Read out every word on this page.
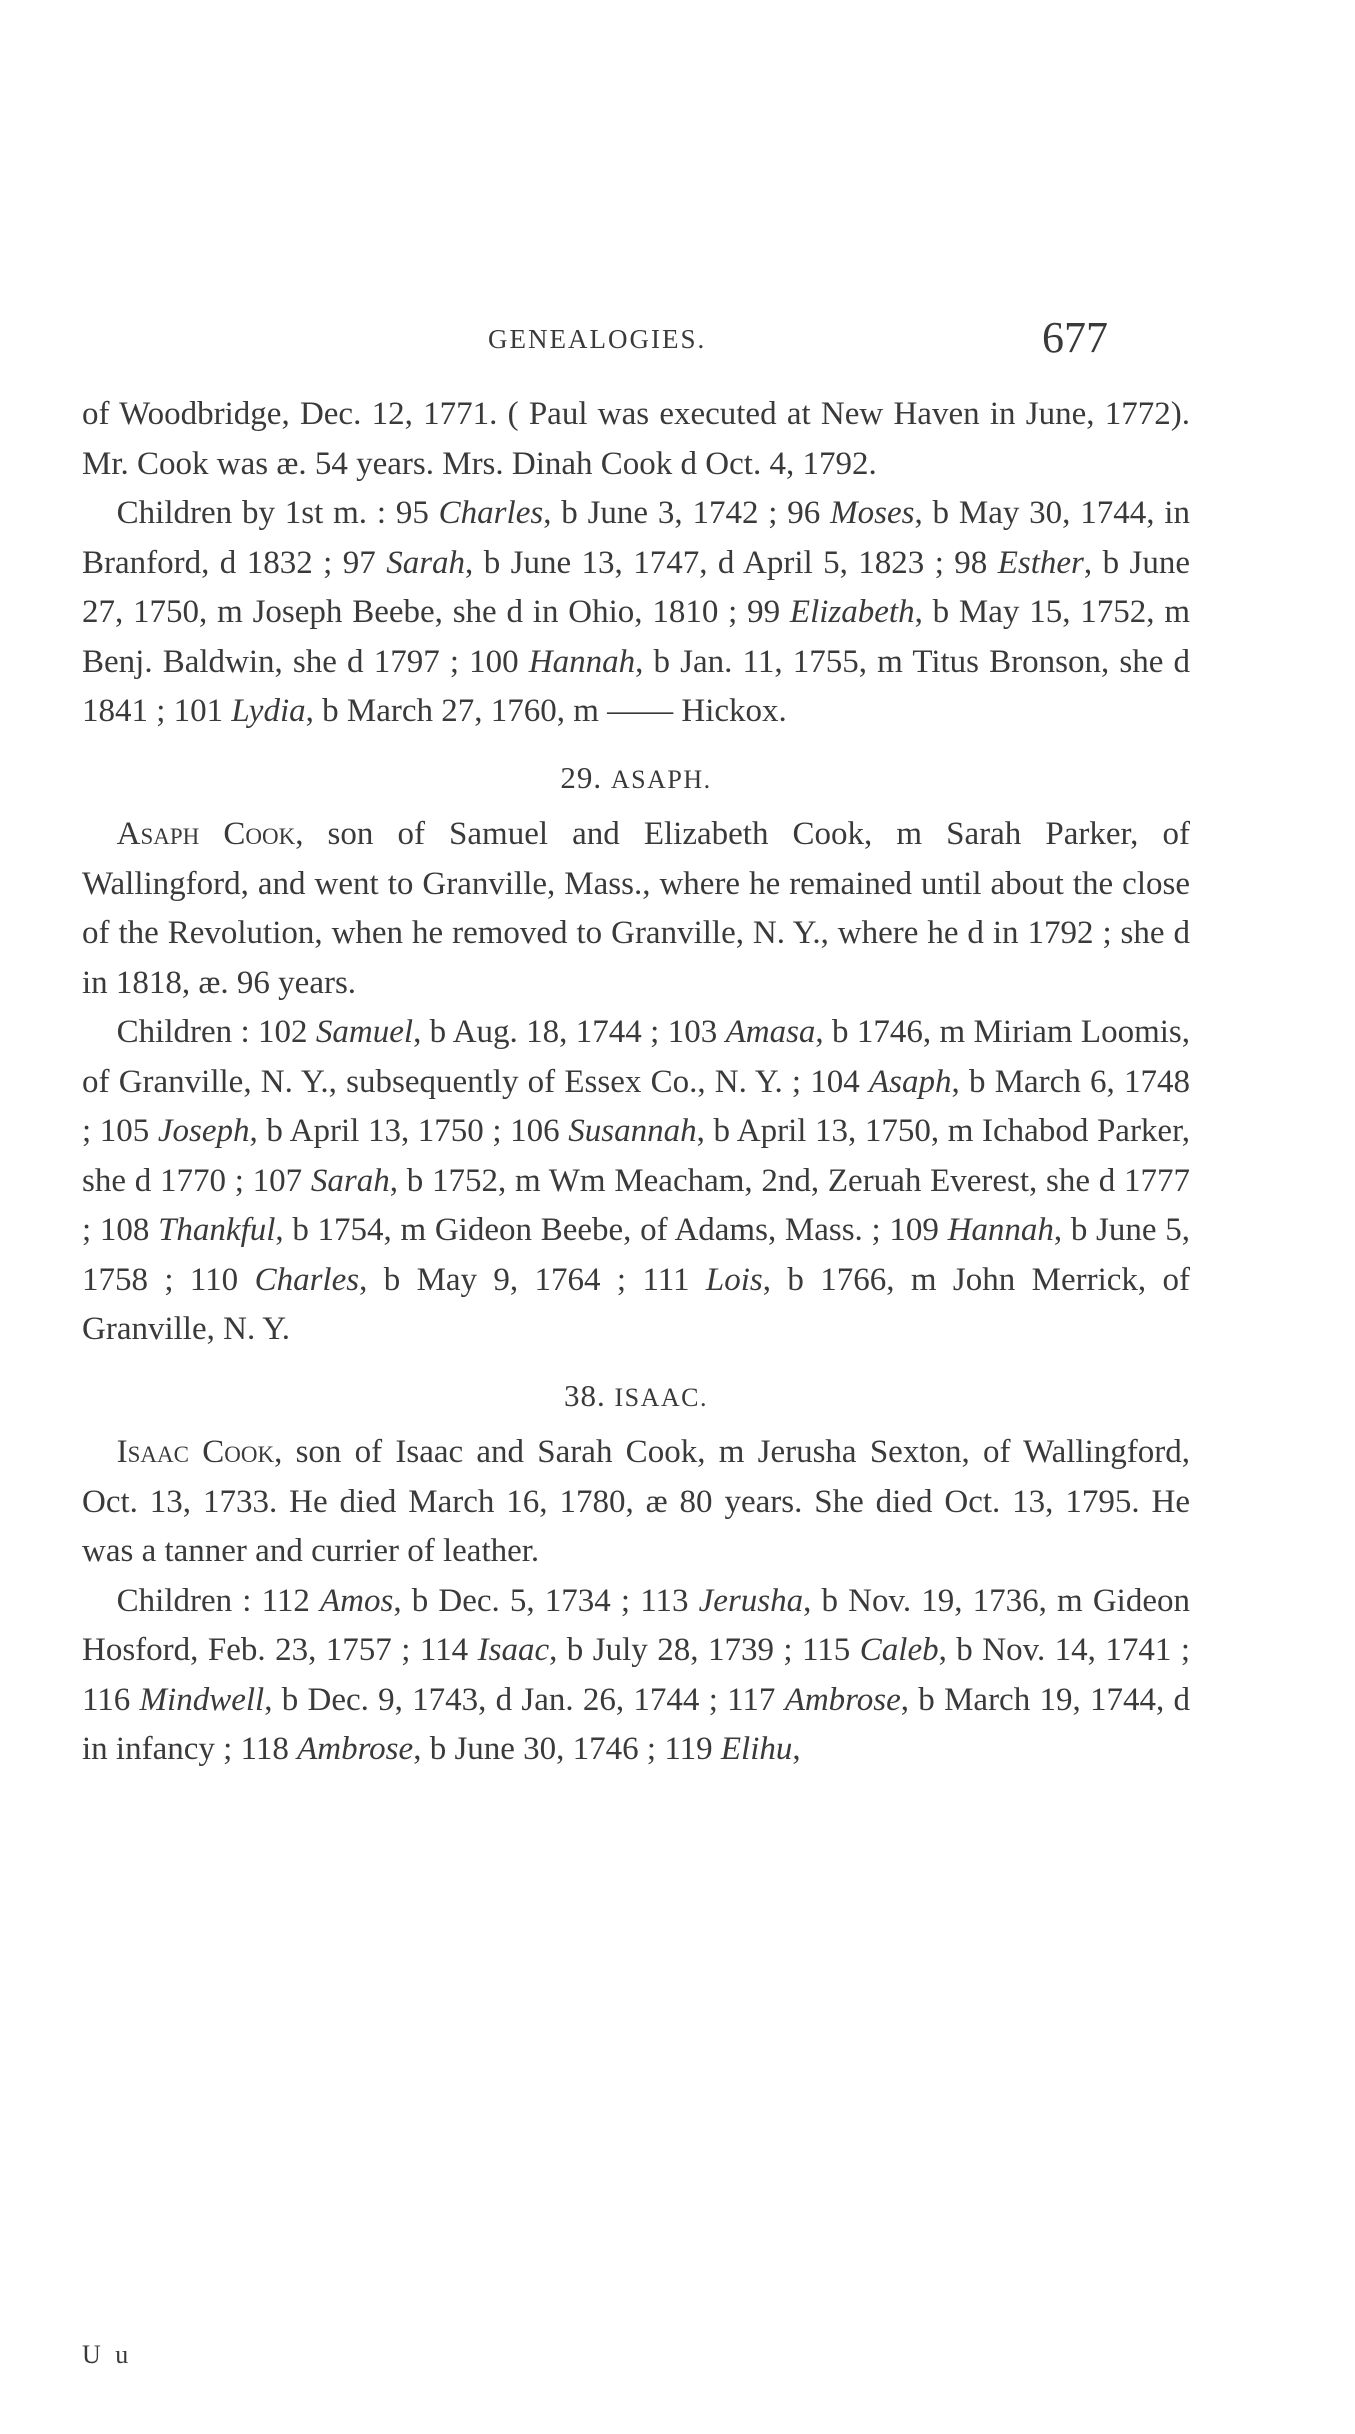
GENEALOGIES.	677

of Woodbridge, Dec. 12, 1771. ( Paul was executed at New Haven in June, 1772). Mr. Cook was æ. 54 years. Mrs. Dinah Cook d Oct. 4, 1792.

Children by 1st m. : 95 Charles, b June 3, 1742 ; 96 Moses, b May 30, 1744, in Branford, d 1832 ; 97 Sarah, b June 13, 1747, d April 5, 1823 ; 98 Esther, b June 27, 1750, m Joseph Beebe, she d in Ohio, 1810 ; 99 Elizabeth, b May 15, 1752, m Benj. Baldwin, she d 1797 ; 100 Hannah, b Jan. 11, 1755, m Titus Bronson, she d 1841 ; 101 Lydia, b March 27, 1760, m —— Hickox.

29. ASAPH.

Asaph Cook, son of Samuel and Elizabeth Cook, m Sarah Parker, of Wallingford, and went to Granville, Mass., where he remained until about the close of the Revolution, when he removed to Granville, N. Y., where he d in 1792 ; she d in 1818, æ. 96 years.

Children : 102 Samuel, b Aug. 18, 1744 ; 103 Amasa, b 1746, m Miriam Loomis, of Granville, N. Y., subsequently of Essex Co., N. Y. ; 104 Asaph, b March 6, 1748 ; 105 Joseph, b April 13, 1750 ; 106 Susannah, b April 13, 1750, m Ichabod Parker, she d 1770 ; 107 Sarah, b 1752, m Wm Meacham, 2nd, Zeruah Everest, she d 1777 ; 108 Thankful, b 1754, m Gideon Beebe, of Adams, Mass. ; 109 Hannah, b June 5, 1758 ; 110 Charles, b May 9, 1764 ; 111 Lois, b 1766, m John Merrick, of Granville, N. Y.

38. ISAAC.

Isaac Cook, son of Isaac and Sarah Cook, m Jerusha Sexton, of Wallingford, Oct. 13, 1733. He died March 16, 1780, æ 80 years. She died Oct. 13, 1795. He was a tanner and currier of leather.

Children : 112 Amos, b Dec. 5, 1734 ; 113 Jerusha, b Nov. 19, 1736, m Gideon Hosford, Feb. 23, 1757 ; 114 Isaac, b July 28, 1739 ; 115 Caleb, b Nov. 14, 1741 ; 116 Mindwell, b Dec. 9, 1743, d Jan. 26, 1744 ; 117 Ambrose, b March 19, 1744, d in infancy ; 118 Ambrose, b June 30, 1746 ; 119 Elihu,

U u
